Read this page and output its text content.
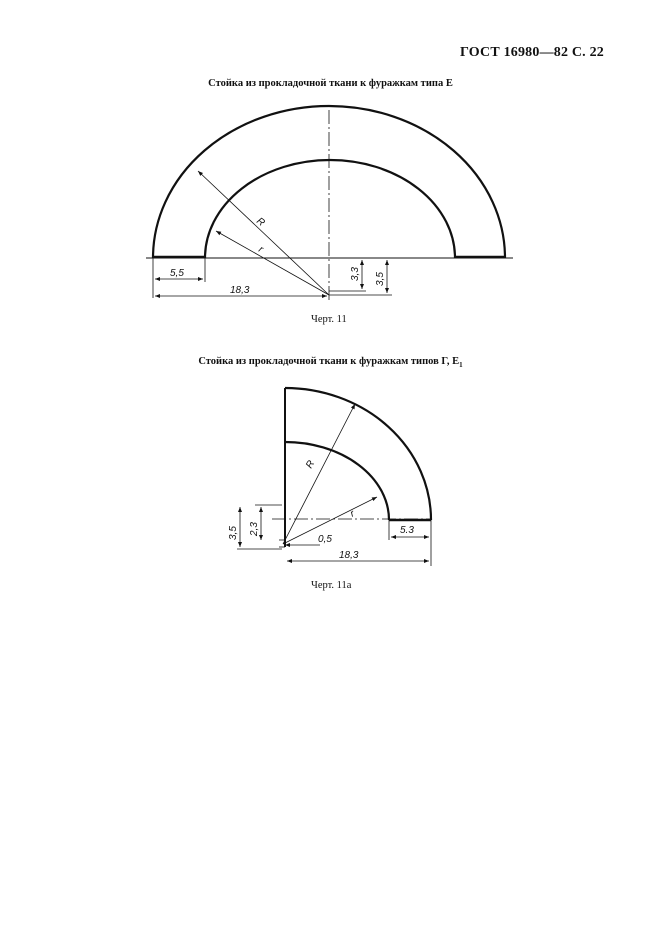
ГОСТ 16980—82 С. 22
Стойка из прокладочной ткани к фуражкам типа Е
Стойка из прокладочной ткани к фуражкам типов Г, $Е_1$
R
r
5,5
18,3
3,3 3,5
R
r
5.3
18,3
0,5
2,3
3,5
Черт. 11
Черт. 11а
